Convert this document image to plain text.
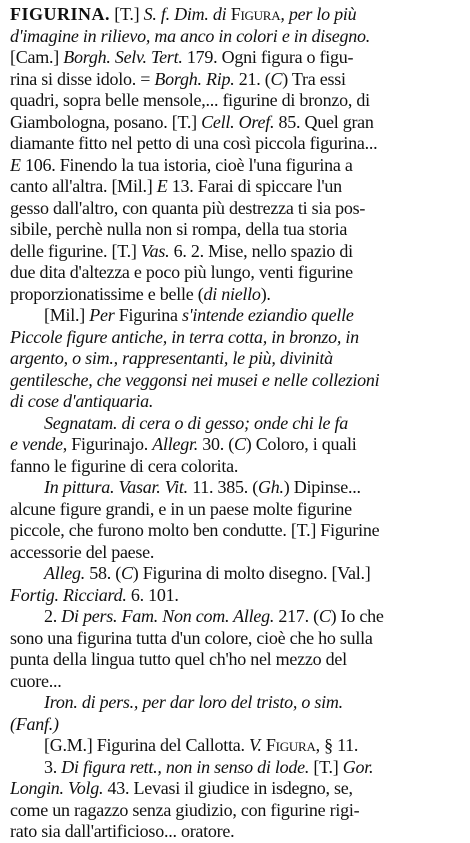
FIGURINA. [T.] S. f. Dim. di Figura, per lo più
d'imagine in rilievo, ma anco in colori e in disegno.
[Cam.] Borgh. Selv. Tert. 179. Ogni figura o figu-
rina si disse idolo. = Borgh. Rip. 21. (C) Tra essi
quadri, sopra belle mensole,... figurine di bronzo, di
Giambologna, posano. [T.] Cell. Oref. 85. Quel gran
diamante fitto nel petto di una così piccola figurina...
E 106. Finendo la tua istoria, cioè l'una figurina a
canto all'altra. [Mil.] E 13. Farai di spiccare l'un
gesso dall'altro, con quanta più destrezza ti sia pos-
sibile, perchè nulla non si rompa, della tua storia
delle figurine. [T.] Vas. 6. 2. Mise, nello spazio di
due dita d'altezza e poco più lungo, venti figurine
proporzionatissime e belle (di niello).
[Mil.] Per Figurina s'intende eziandio quelle
Piccole figure antiche, in terra cotta, in bronzo, in
argento, o sim., rappresentanti, le più, divinità
gentilesche, che veggonsi nei musei e nelle collezioni
di cose d'antiquaria.
Segnatam. di cera o di gesso; onde chi le fa
e vende, Figurinajo. Allegr. 30. (C) Coloro, i quali
fanno le figurine di cera colorita.
In pittura. Vasar. Vit. 11. 385. (Gh.) Dipinse...
alcune figure grandi, e in un paese molte figurine
piccole, che furono molto ben condutte. [T.] Figurine
accessorie del paese.
Alleg. 58. (C) Figurina di molto disegno. [Val.]
Fortig. Ricciard. 6. 101.
2. Di pers. Fam. Non com. Alleg. 217. (C) Io che
sono una figurina tutta d'un colore, cioè che ho sulla
punta della lingua tutto quel ch'ho nel mezzo del
cuore...
Iron. di pers., per dar loro del tristo, o sim.
(Fanf.)
[G.M.] Figurina del Callotta. V. Figura, § 11.
3. Di figura rett., non in senso di lode. [T.] Gor.
Longin. Volg. 43. Levasi il giudice in isdegno, se,
come un ragazzo senza giudizio, con figurine rigi-
rato sia dall'artificioso... oratore.
